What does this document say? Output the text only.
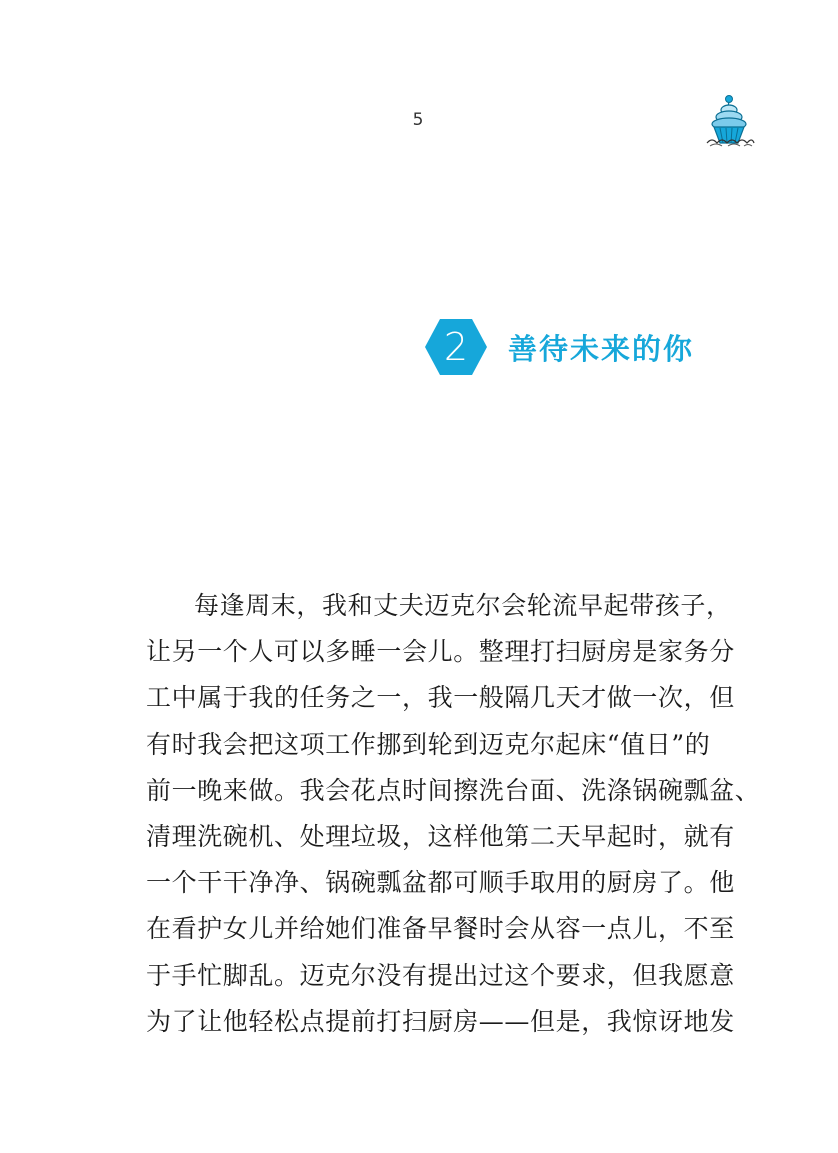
5
2	善待未来的你
每逢周末，我和丈夫迈克尔会轮流早起带孩子，
让另一个人可以多睡一会儿。整理打扫厨房是家务分
工中属于我的任务之一，我一般隔几天才做一次，但
有时我会把这项工作挪到轮到迈克尔起床“值日”的
前一晚来做。我会花点时间擦洗台面、洗涤锅碗瓢盆、
清理洗碗机、处理垃圾，这样他第二天早起时，就有
一个干干净净、锅碗瓢盆都可顺手取用的厨房了。他
在看护女儿并给她们准备早餐时会从容一点儿，不至
于手忙脚乱。迈克尔没有提出过这个要求，但我愿意
为了让他轻松点提前打扫厨房——但是，我惊讶地发
